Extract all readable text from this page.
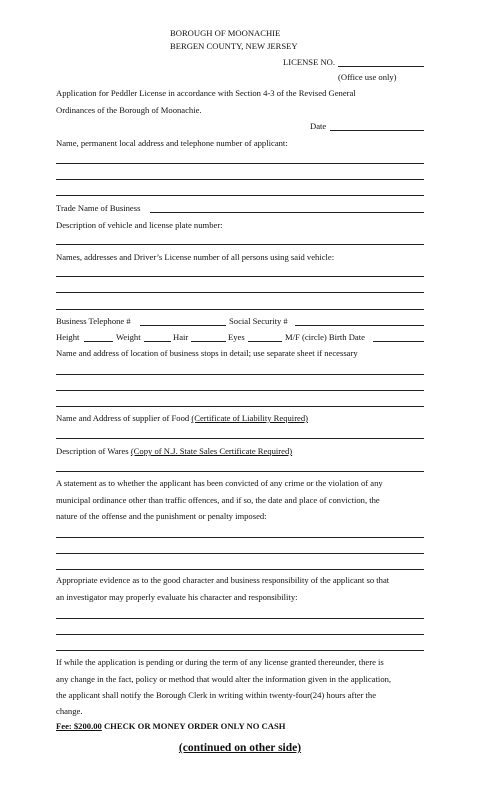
BOROUGH OF MOONACHIE
BERGEN COUNTY, NEW JERSEY
LICENSE NO.
(Office use only)
Application for Peddler License in accordance with Section 4-3 of the Revised General
Ordinances of the Borough of Moonachie.
Date
Name, permanent local address and telephone number of applicant:
Trade Name of Business
Description of vehicle and license plate number:
Names, addresses and Driver’s License number of all persons using said vehicle:
Business Telephone #	Social Security #
Height	Weight	Hair	Eyes	M/F (circle) Birth Date
Name and address of location of business stops in detail; use separate sheet if necessary
Name and Address of supplier of Food (Certificate of Liability Required)
Description of Wares (Copy of N.J. State Sales Certificate Required)
A statement as to whether the applicant has been convicted of any crime or the violation of any
municipal ordinance other than traffic offences, and if so, the date and place of conviction, the
nature of the offense and the punishment or penalty imposed:
Appropriate evidence as to the good character and business responsibility of the applicant so that
an investigator may properly evaluate his character and responsibility:
If while the application is pending or during the term of any license granted thereunder, there is
any change in the fact, policy or method that would alter the information given in the application,
the applicant shall notify the Borough Clerk in writing within twenty-four(24) hours after the
change.
Fee: $200.00 CHECK OR MONEY ORDER ONLY NO CASH
(continued on other side)
